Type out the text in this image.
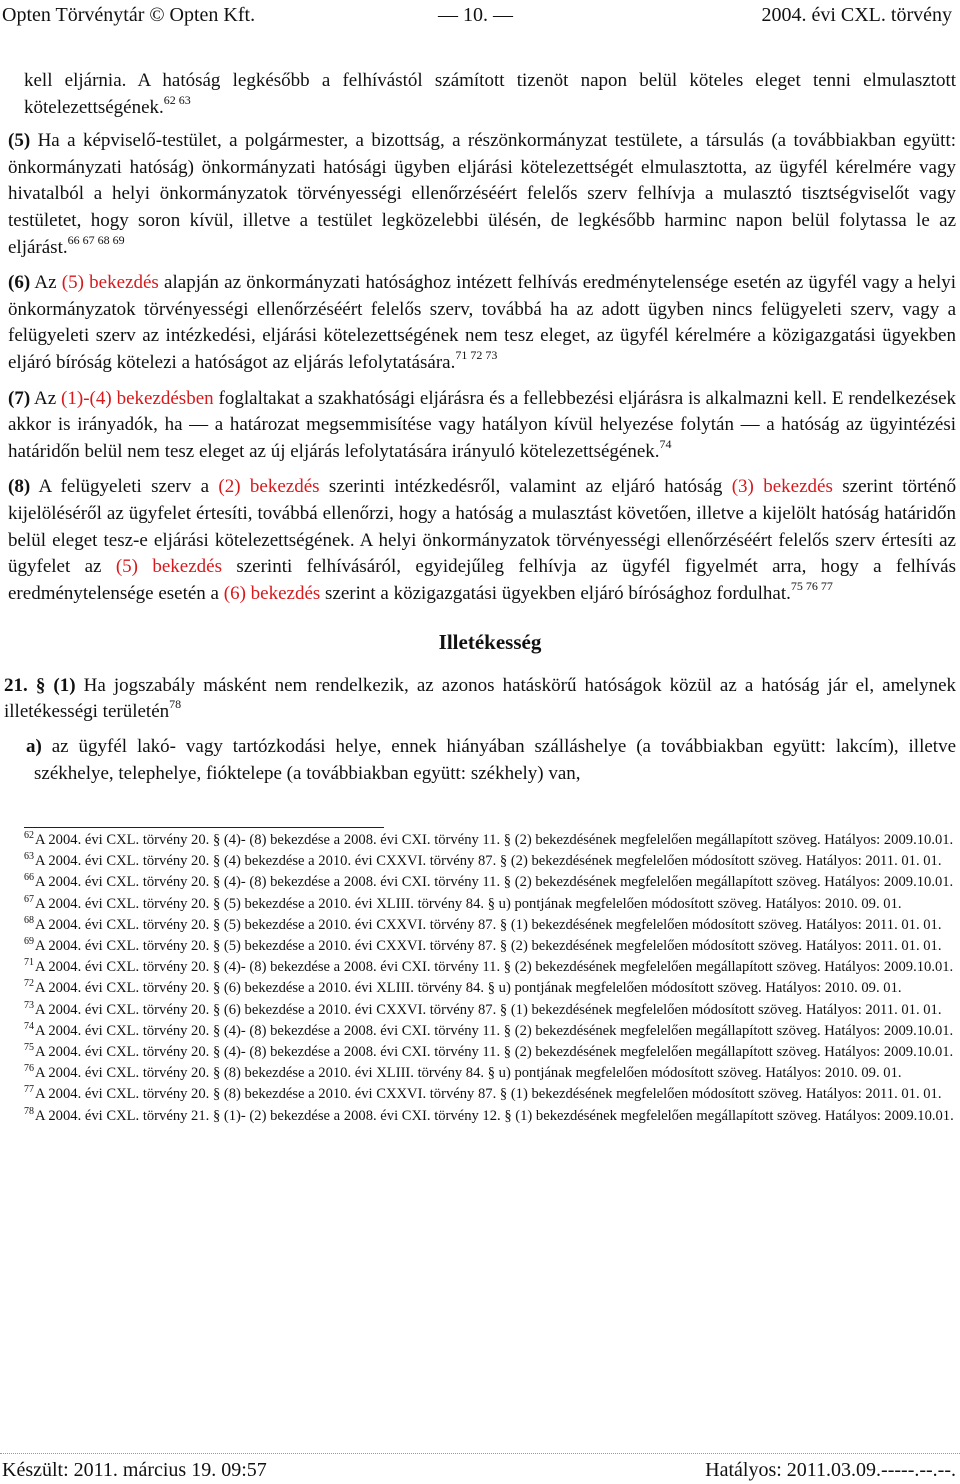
Opten Törvénytár © Opten Kft.	— 10. —	2004. évi CXL. törvény

kell eljárnia. A hatóság legkésőbb a felhívástól számított tizenöt napon belül köteles eleget tenni elmulasztott kötelezettségének.$^{62 63}$

(5) Ha a képviselő-testület, a polgármester, a bizottság, a részönkormányzat testülete, a társulás (a továbbiakban együtt: önkormányzati hatóság) önkormányzati hatósági ügyben eljárási kötelezettségét elmulasztotta, az ügyfél kérelmére vagy hivatalból a helyi önkormányzatok törvényességi ellenőrzéséért felelős szerv felhívja a mulasztó tisztségviselőt vagy testületet, hogy soron kívül, illetve a testület legközelebbi ülésén, de legkésőbb harminc napon belül folytassa le az eljárást.$^{66 67 68 69}$

(6) Az (5) bekezdés alapján az önkormányzati hatósághoz intézett felhívás eredménytelensége esetén az ügyfél vagy a helyi önkormányzatok törvényességi ellenőrzéséért felelős szerv, továbbá ha az adott ügyben nincs felügyeleti szerv, vagy a felügyeleti szerv az intézkedési, eljárási kötelezettségének nem tesz eleget, az ügyfél kérelmére a közigazgatási ügyekben eljáró bíróság kötelezi a hatóságot az eljárás lefolytatására.$^{71 72 73}$

(7) Az (1)-(4) bekezdésben foglaltakat a szakhatósági eljárásra és a fellebbezési eljárásra is alkalmazni kell. E rendelkezések akkor is irányadók, ha — a határozat megsemmisítése vagy hatályon kívül helyezése folytán — a hatóság az ügyintézési határidőn belül nem tesz eleget az új eljárás lefolytatására irányuló kötelezettségének.$^{74}$

(8) A felügyeleti szerv a (2) bekezdés szerinti intézkedésről, valamint az eljáró hatóság (3) bekezdés szerint történő kijelöléséről az ügyfelet értesíti, továbbá ellenőrzi, hogy a hatóság a mulasztást követően, illetve a kijelölt hatóság határidőn belül eleget tesz-e eljárási kötelezettségének. A helyi önkormányzatok törvényességi ellenőrzéséért felelős szerv értesíti az ügyfelet az (5) bekezdés szerinti felhívásáról, egyidejűleg felhívja az ügyfél figyelmét arra, hogy a felhívás eredménytelensége esetén a (6) bekezdés szerint a közigazgatási ügyekben eljáró bírósághoz fordulhat.$^{75 76 77}$

Illetékesség

21. § (1) Ha jogszabály másként nem rendelkezik, az azonos hatáskörű hatóságok közül az a hatóság jár el, amelynek illetékességi területén$^{78}$

a) az ügyfél lakó- vagy tartózkodási helye, ennek hiányában szálláshelye (a továbbiakban együtt: lakcím), illetve székhelye, telephelye, fióktelepe (a továbbiakban együtt: székhely) van,

$^{62}$A 2004. évi CXL. törvény 20. § (4)- (8) bekezdése a 2008. évi CXI. törvény 11. § (2) bekezdésének megfelelően megállapított szöveg. Hatályos: 2009.10.01.

$^{63}$A 2004. évi CXL. törvény 20. § (4) bekezdése a 2010. évi CXXVI. törvény 87. § (2) bekezdésének megfelelően módosított szöveg. Hatályos: 2011. 01. 01.

$^{66}$A 2004. évi CXL. törvény 20. § (4)- (8) bekezdése a 2008. évi CXI. törvény 11. § (2) bekezdésének megfelelően megállapított szöveg. Hatályos: 2009.10.01.

$^{67}$A 2004. évi CXL. törvény 20. § (5) bekezdése a 2010. évi XLIII. törvény 84. § u) pontjának megfelelően módosított szöveg. Hatályos: 2010. 09. 01.

$^{68}$A 2004. évi CXL. törvény 20. § (5) bekezdése a 2010. évi CXXVI. törvény 87. § (1) bekezdésének megfelelően módosított szöveg. Hatályos: 2011. 01. 01.

$^{69}$A 2004. évi CXL. törvény 20. § (5) bekezdése a 2010. évi CXXVI. törvény 87. § (2) bekezdésének megfelelően módosított szöveg. Hatályos: 2011. 01. 01.

$^{71}$A 2004. évi CXL. törvény 20. § (4)- (8) bekezdése a 2008. évi CXI. törvény 11. § (2) bekezdésének megfelelően megállapított szöveg. Hatályos: 2009.10.01.

$^{72}$A 2004. évi CXL. törvény 20. § (6) bekezdése a 2010. évi XLIII. törvény 84. § u) pontjának megfelelően módosított szöveg. Hatályos: 2010. 09. 01.

$^{73}$A 2004. évi CXL. törvény 20. § (6) bekezdése a 2010. évi CXXVI. törvény 87. § (1) bekezdésének megfelelően módosított szöveg. Hatályos: 2011. 01. 01.

$^{74}$A 2004. évi CXL. törvény 20. § (4)- (8) bekezdése a 2008. évi CXI. törvény 11. § (2) bekezdésének megfelelően megállapított szöveg. Hatályos: 2009.10.01.

$^{75}$A 2004. évi CXL. törvény 20. § (4)- (8) bekezdése a 2008. évi CXI. törvény 11. § (2) bekezdésének megfelelően megállapított szöveg. Hatályos: 2009.10.01.

$^{76}$A 2004. évi CXL. törvény 20. § (8) bekezdése a 2010. évi XLIII. törvény 84. § u) pontjának megfelelően módosított szöveg. Hatályos: 2010. 09. 01.

$^{77}$A 2004. évi CXL. törvény 20. § (8) bekezdése a 2010. évi CXXVI. törvény 87. § (1) bekezdésének megfelelően módosított szöveg. Hatályos: 2011. 01. 01.

$^{78}$A 2004. évi CXL. törvény 21. § (1)- (2) bekezdése a 2008. évi CXI. törvény 12. § (1) bekezdésének megfelelően megállapított szöveg. Hatályos: 2009.10.01.

Készült: 2011. március 19. 09:57	Hatályos: 2011.03.09.-----.--.--.
